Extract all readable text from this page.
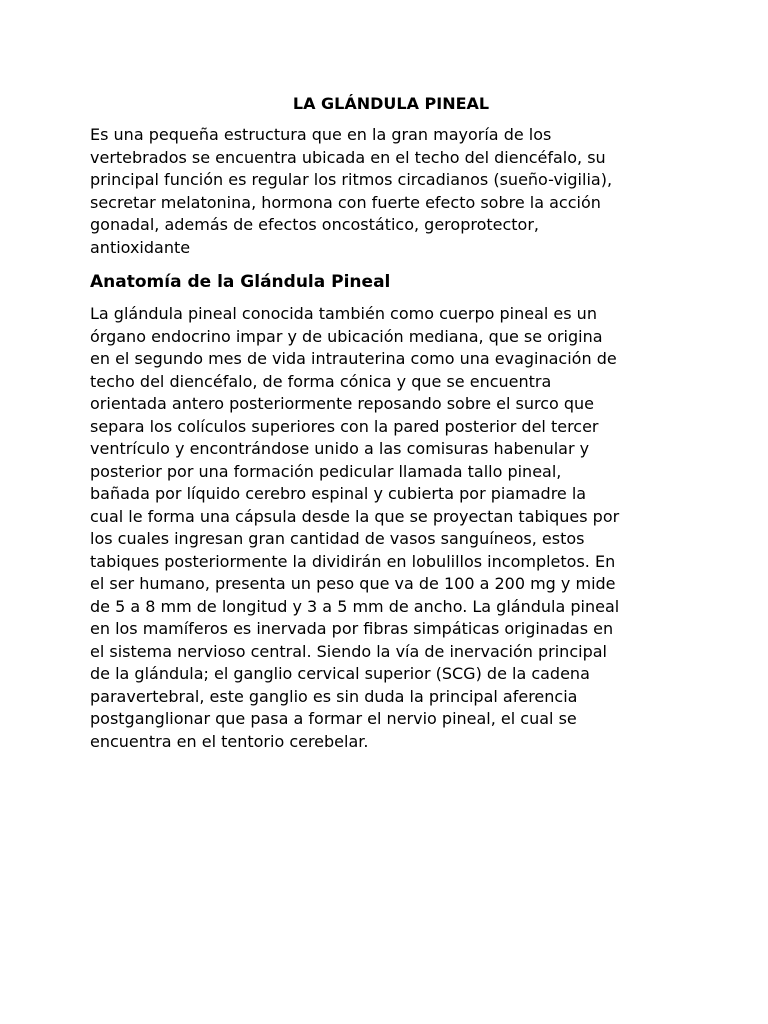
LA GLÁNDULA PINEAL

Es una pequeña estructura que en la gran mayoría de los
vertebrados se encuentra ubicada en el techo del diencéfalo, su
principal función es regular los ritmos circadianos (sueño-vigilia),
secretar melatonina, hormona con fuerte efecto sobre la acción
gonadal, además de efectos oncostático, geroprotector,
antioxidante

Anatomía de la Glándula Pineal

La glándula pineal conocida también como cuerpo pineal es un
órgano endocrino impar y de ubicación mediana, que se origina
en el segundo mes de vida intrauterina como una evaginación de
techo del diencéfalo, de forma cónica y que se encuentra
orientada antero posteriormente reposando sobre el surco que
separa los colículos superiores con la pared posterior del tercer
ventrículo y encontrándose unido a las comisuras habenular y
posterior por una formación pedicular llamada tallo pineal,
bañada por líquido cerebro espinal y cubierta por piamadre la
cual le forma una cápsula desde la que se proyectan tabiques por
los cuales ingresan gran cantidad de vasos sanguíneos, estos
tabiques posteriormente la dividirán en lobulillos incompletos. En
el ser humano, presenta un peso que va de 100 a 200 mg y mide
de 5 a 8 mm de longitud y 3 a 5 mm de ancho. La glándula pineal
en los mamíferos es inervada por fibras simpáticas originadas en
el sistema nervioso central. Siendo la vía de inervación principal
de la glándula; el ganglio cervical superior (SCG) de la cadena
paravertebral, este ganglio es sin duda la principal aferencia
postganglionar que pasa a formar el nervio pineal, el cual se
encuentra en el tentorio cerebelar.
